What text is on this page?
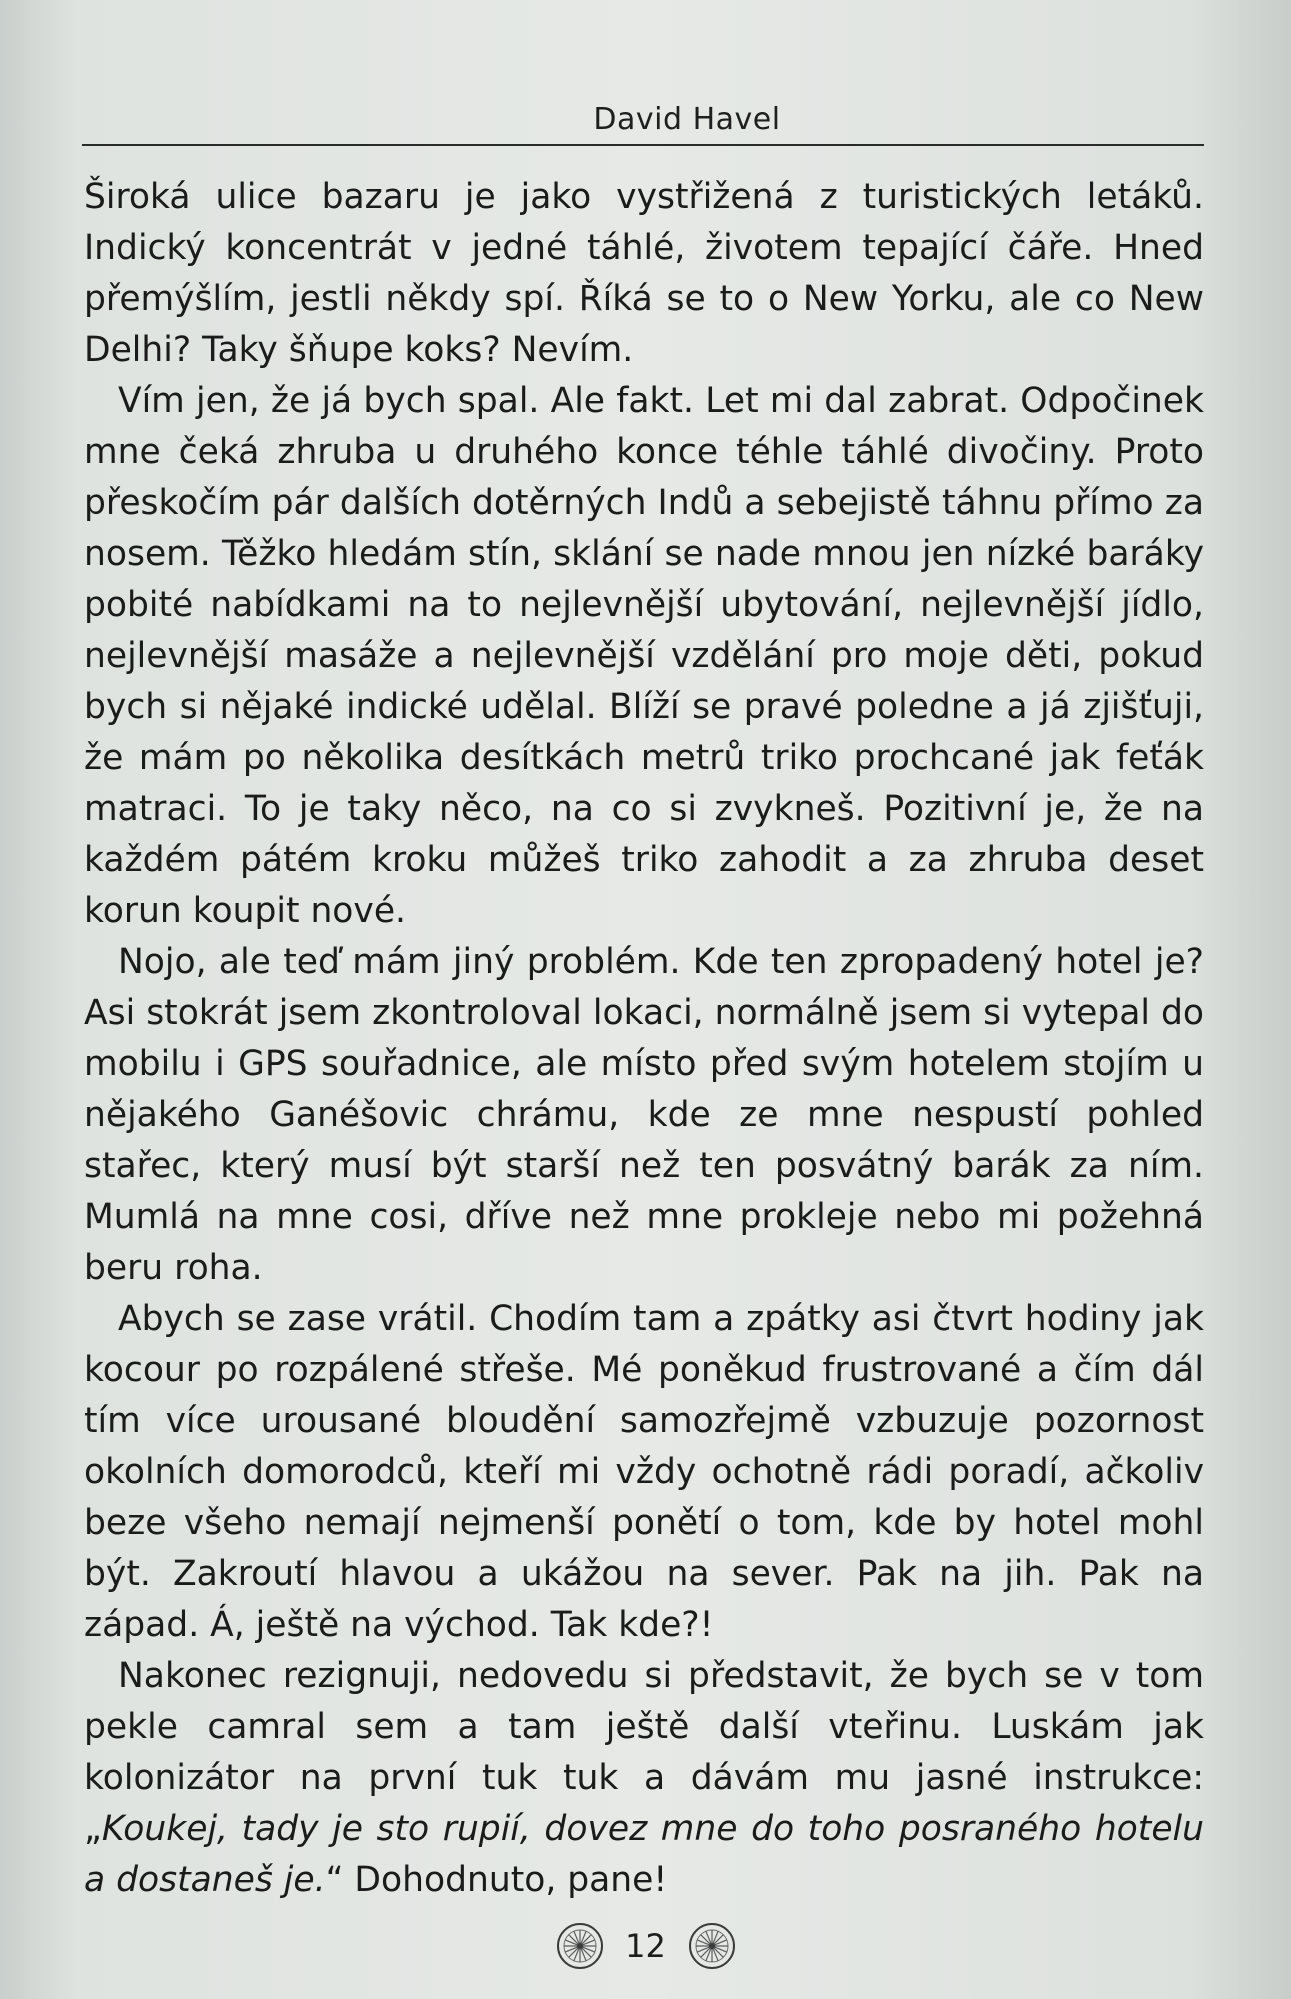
David Havel

Široká ulice bazaru je jako vystřižená z turistických letáků. Indický koncentrát v jedné táhlé, životem tepající čáře. Hned přemýšlím, jestli někdy spí. Říká se to o New Yorku, ale co New Delhi? Taky šňupe koks? Nevím.

Vím jen, že já bych spal. Ale fakt. Let mi dal zabrat. Odpočinek mne čeká zhruba u druhého konce téhle táhlé divočiny. Proto přeskočím pár dalších dotěrných Indů a sebejistě táhnu přímo za nosem. Těžko hledám stín, sklání se nade mnou jen nízké baráky pobité nabídkami na to nejlevnější ubytování, nejlevnější jídlo, nejlevnější masáže a nejlevnější vzdělání pro moje děti, pokud bych si nějaké indické udělal. Blíží se pravé poledne a já zjišťuji, že mám po několika desítkách metrů triko prochcané jak feťák matraci. To je taky něco, na co si zvykneš. Pozitivní je, že na každém pátém kroku můžeš triko zahodit a za zhruba deset korun koupit nové.

Nojo, ale teď mám jiný problém. Kde ten zpropadený hotel je? Asi stokrát jsem zkontroloval lokaci, normálně jsem si vytepal do mobilu i GPS souřadnice, ale místo před svým hotelem stojím u nějakého Ganéšovic chrámu, kde ze mne nespustí pohled stařec, který musí být starší než ten posvátný barák za ním. Mumlá na mne cosi, dříve než mne prokleje nebo mi požehná beru roha.

Abych se zase vrátil. Chodím tam a zpátky asi čtvrt hodiny jak kocour po rozpálené střeše. Mé poněkud frustrované a čím dál tím více urousané bloudění samozřejmě vzbuzuje pozornost okolních domorodců, kteří mi vždy ochotně rádi poradí, ačkoliv beze všeho nemají nejmenší ponětí o tom, kde by hotel mohl být. Zakroutí hlavou a ukážou na sever. Pak na jih. Pak na západ. Á, ještě na východ. Tak kde?!

Nakonec rezignuji, nedovedu si představit, že bych se v tom pekle camral sem a tam ještě další vteřinu. Luskám jak kolonizátor na první tuk tuk a dávám mu jasné instrukce: „Koukej, tady je sto rupií, dovez mne do toho posraného hotelu a dostaneš je.“ Dohodnuto, pane!

12
